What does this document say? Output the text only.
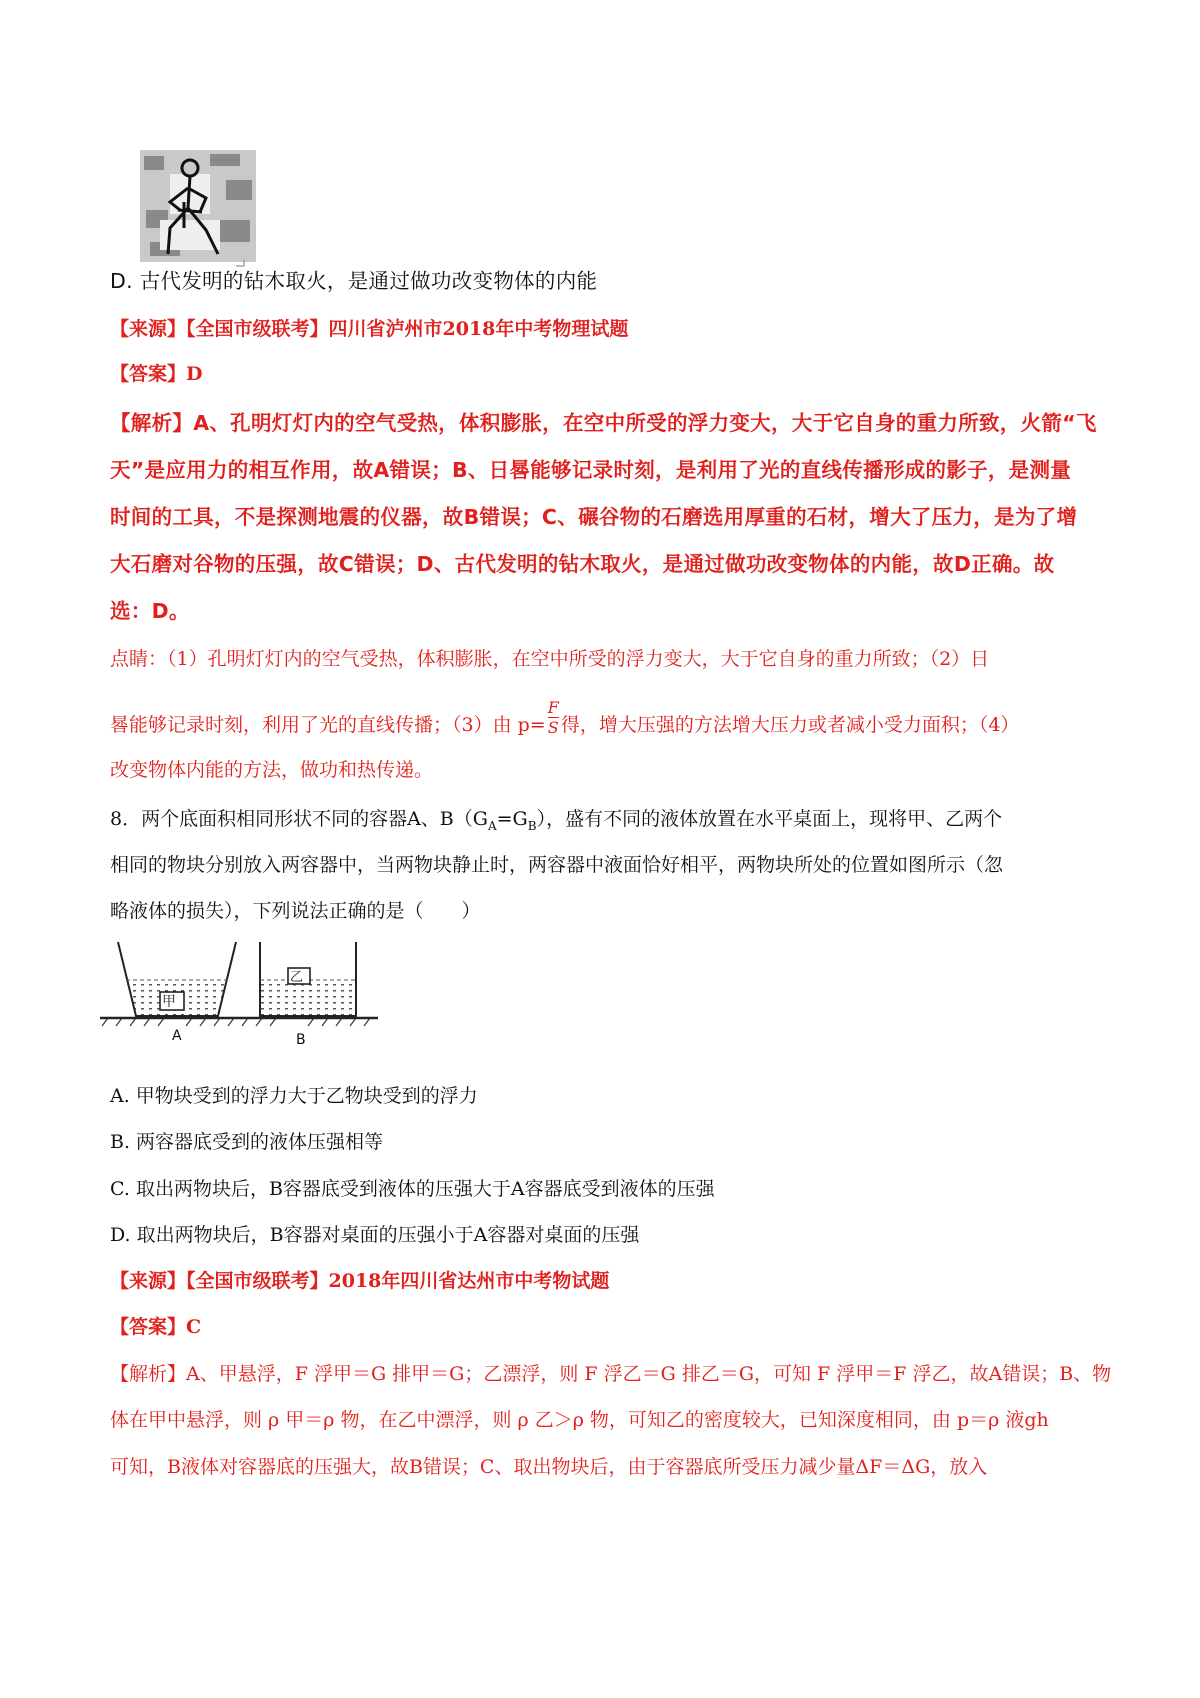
D. 古代发明的钻木取火，是通过做功改变物体的内能
【来源】【全国市级联考】四川省泸州市2018年中考物理试题
【答案】D
【解析】A、孔明灯灯内的空气受热，体积膨胀，在空中所受的浮力变大，大于它自身的重力所致，火箭“飞
天”是应用力的相互作用，故A错误；B、日晷能够记录时刻，是利用了光的直线传播形成的影子，是测量
时间的工具，不是探测地震的仪器，故B错误；C、碾谷物的石磨选用厚重的石材，增大了压力，是为了增
大石磨对谷物的压强，故C错误；D、古代发明的钻木取火，是通过做功改变物体的内能，故D正确。故
选：D。
点睛：（1）孔明灯灯内的空气受热，体积膨胀，在空中所受的浮力变大，大于它自身的重力所致；（2）日
晷能够记录时刻，利用了光的直线传播；（3）由 $p= \frac{F}{S}$ 得，增大压强的方法增大压力或者减小受力面积；（4）
改变物体内能的方法，做功和热传递。
8．两个底面积相同形状不同的容器A、$B(G_A=G_B)$，盛有不同的液体放置在水平桌面上，现将甲、乙两个
相同的物块分别放入两容器中，当两物块静止时，两容器中液面恰好相平，两物块所处的位置如图所示（忽
略液体的损失），下列说法正确的是（　　）
甲
乙
A	B
A. 甲物块受到的浮力大于乙物块受到的浮力
B. 两容器底受到的液体压强相等
C. 取出两物块后，B容器底受到液体的压强大于A容器底受到液体的压强
D. 取出两物块后，B容器对桌面的压强小于A容器对桌面的压强
【来源】【全国市级联考】2018年四川省达州市中考物试题
【答案】C
【解析】A、甲悬浮，F 浮甲＝G 排甲＝G；乙漂浮，则 F 浮乙＝G 排乙＝G，可知 F 浮甲＝F 浮乙，故A错误；B、物
体在甲中悬浮，则 ρ 甲＝ρ 物，在乙中漂浮，则 ρ 乙＞ρ 物，可知乙的密度较大，已知深度相同，由 p＝ρ 液gh
可知，B液体对容器底的压强大，故B错误；C、取出物块后，由于容器底所受压力减少量ΔF＝ΔG，放入
